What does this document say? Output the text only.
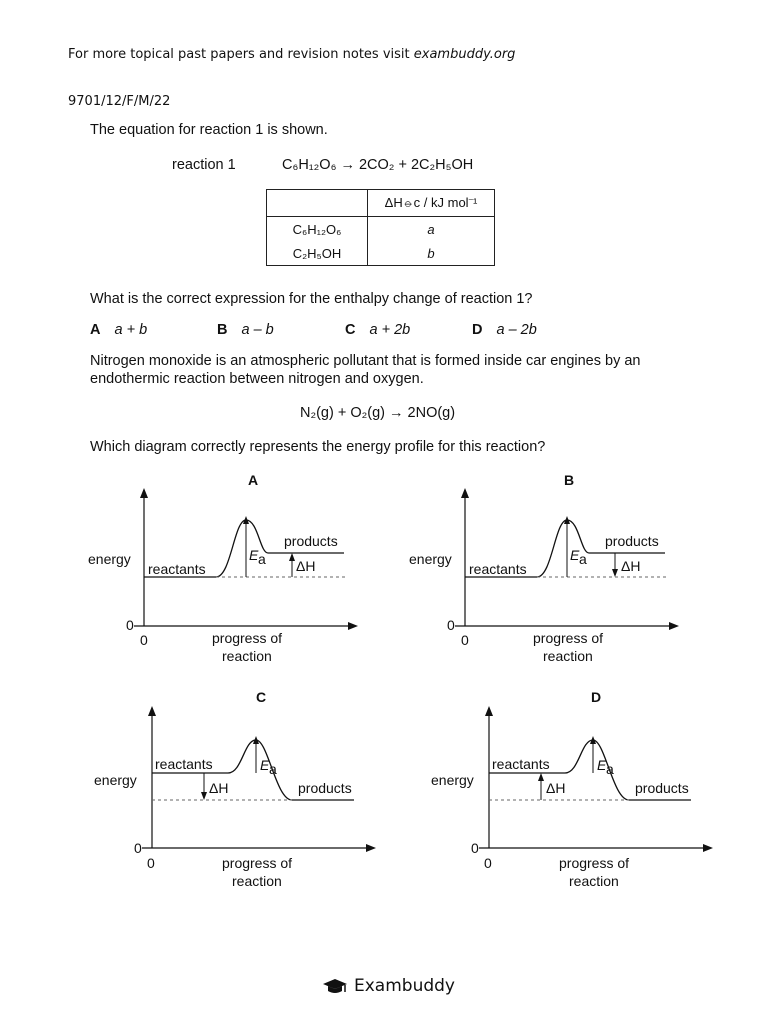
For more topical past papers and revision notes visit exambuddy.org
9701/12/F/M/22
The equation for reaction 1 is shown.
reaction 1	C₆H₁₂O₆ → 2CO₂ + 2C₂H₅OH
	ΔH⦵c / kJ mol⁻¹
C₆H₁₂O₆	a
C₂H₅OH	b
What is the correct expression for the enthalpy change of reaction 1?
A a + b	B a – b	C a + 2b	D a – 2b
Nitrogen monoxide is an atmospheric pollutant that is formed inside car engines by an
endothermic reaction between nitrogen and oxygen.
N₂(g) + O₂(g) → 2NO(g)
Which diagram correctly represents the energy profile for this reaction?
A
energy
reactants
products
E a ΔH
0
0	progress of
reaction
B
energy
reactants
products
E a ΔH
0
0	progress of
reaction
C
energy
reactants
products
E a
ΔH
0
0	progress of
reaction
D
energy
reactants
products
E a
ΔH
0
0	progress of
reaction
Exambuddy
